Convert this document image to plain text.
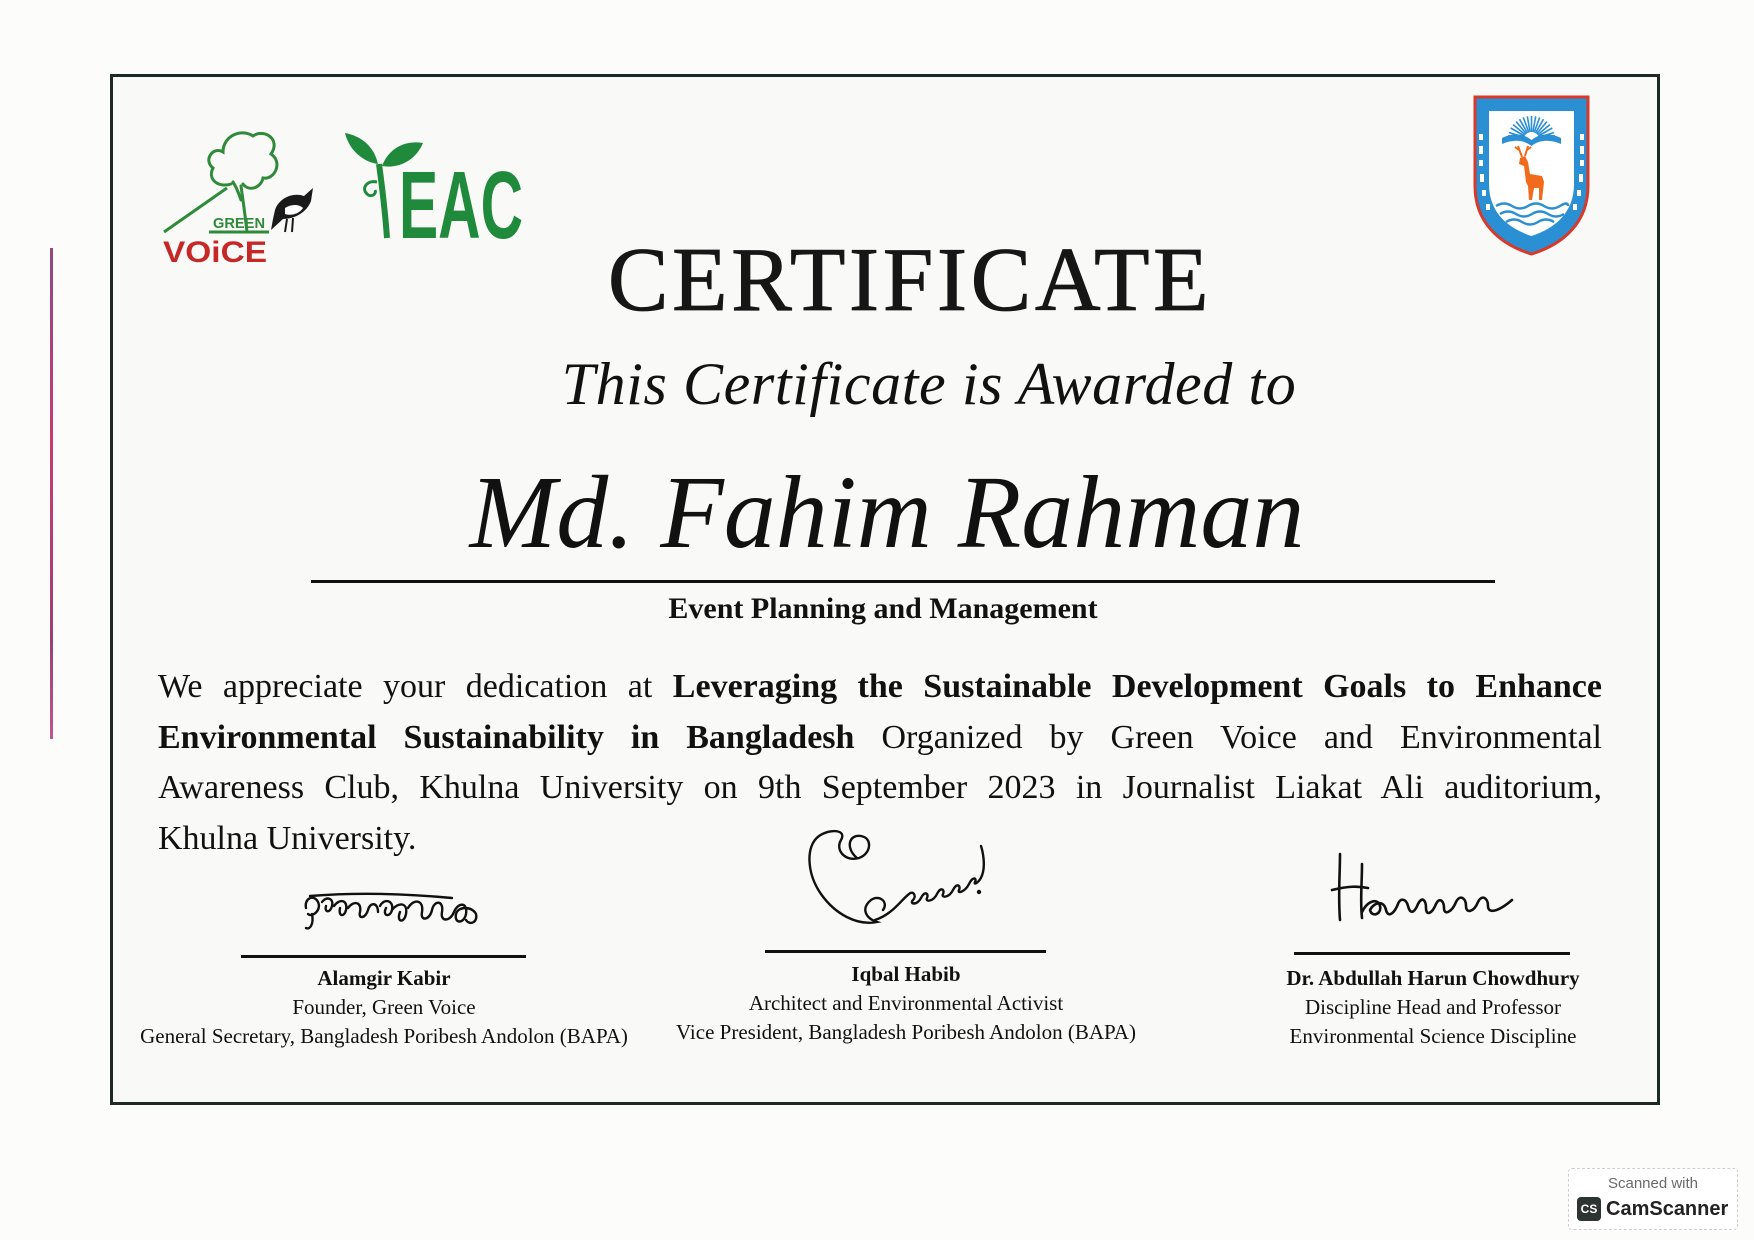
GREEN
VOiCE EAC
CERTIFICATE
This Certificate is Awarded to
Md. Fahim Rahman
Event Planning and Management
We appreciate your dedication at Leveraging the Sustainable Development Goals to Enhance
Environmental Sustainability in Bangladesh Organized by Green Voice and Environmental
Awareness Club, Khulna University on 9th September 2023 in Journalist Liakat Ali auditorium,
Khulna University.
Alamgir Kabir
Founder, Green Voice
General Secretary, Bangladesh Poribesh Andolon (BAPA)
Iqbal Habib
Architect and Environmental Activist
Vice President, Bangladesh Poribesh Andolon (BAPA)
Dr. Abdullah Harun Chowdhury
Discipline Head and Professor
Environmental Science Discipline
Scanned with
CS CamScanner
